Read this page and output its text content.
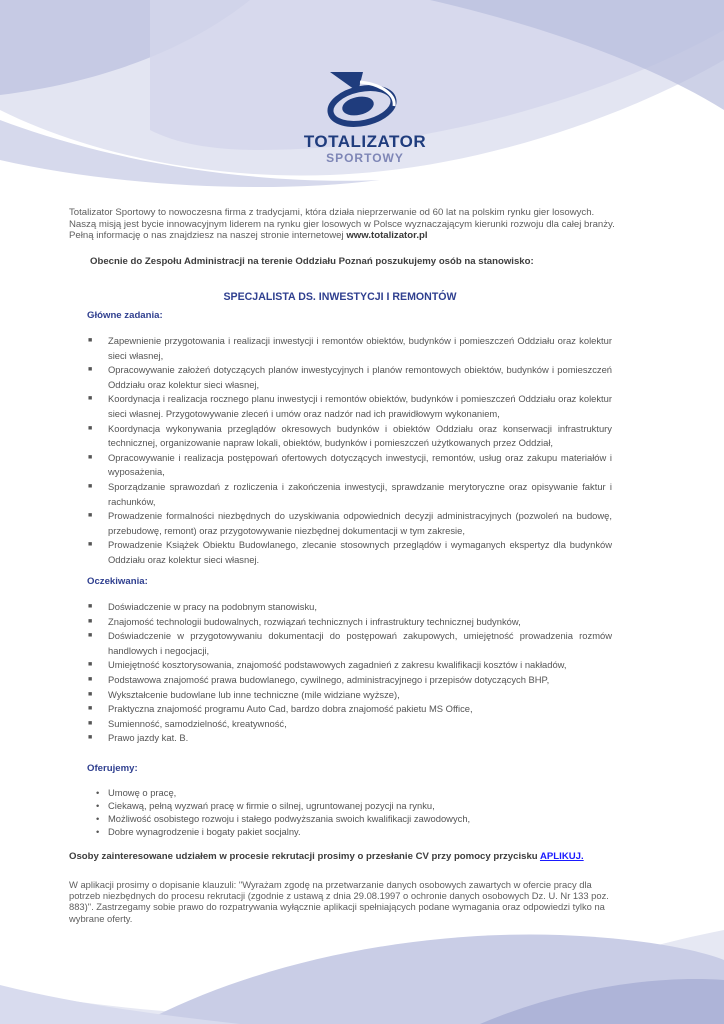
TOTALIZATOR
SPORTOWY
Totalizator Sportowy to nowoczesna firma z tradycjami, która działa nieprzerwanie od 60 lat na polskim rynku gier losowych.
Naszą misją jest bycie innowacyjnym liderem na rynku gier losowych w Polsce wyznaczającym kierunki rozwoju dla całej branży.
Pełną informację o nas znajdziesz na naszej stronie internetowej www.totalizator.pl
Obecnie do Zespołu Administracji na terenie Oddziału Poznań poszukujemy osób na stanowisko:
SPECJALISTA DS. INWESTYCJI I REMONTÓW
Główne zadania:
■ Zapewnienie przygotowania i realizacji inwestycji i remontów obiektów, budynków i pomieszczeń Oddziału oraz kolektur sieci własnej,
■ Opracowywanie założeń dotyczących planów inwestycyjnych i planów remontowych obiektów, budynków i pomieszczeń Oddziału oraz kolektur sieci własnej,
■ Koordynacja i realizacja rocznego planu inwestycji i remontów obiektów, budynków i pomieszczeń Oddziału oraz kolektur sieci własnej. Przygotowywanie zleceń i umów oraz nadzór nad ich prawidłowym wykonaniem,
■ Koordynacja wykonywania przeglądów okresowych budynków i obiektów Oddziału oraz konserwacji infrastruktury technicznej, organizowanie napraw lokali, obiektów, budynków i pomieszczeń użytkowanych przez Oddział,
■ Opracowywanie i realizacja postępowań ofertowych dotyczących inwestycji, remontów, usług oraz zakupu materiałów i wyposażenia,
■ Sporządzanie sprawozdań z rozliczenia i zakończenia inwestycji, sprawdzanie merytoryczne oraz opisywanie faktur i rachunków,
■ Prowadzenie formalności niezbędnych do uzyskiwania odpowiednich decyzji administracyjnych (pozwoleń na budowę, przebudowę, remont) oraz przygotowywanie niezbędnej dokumentacji w tym zakresie,
■ Prowadzenie Książek Obiektu Budowlanego, zlecanie stosownych przeglądów i wymaganych ekspertyz dla budynków Oddziału oraz kolektur sieci własnej.
Oczekiwania:
■ Doświadczenie w pracy na podobnym stanowisku,
■ Znajomość technologii budowalnych, rozwiązań technicznych i infrastruktury technicznej budynków,
■ Doświadczenie w przygotowywaniu dokumentacji do postępowań zakupowych, umiejętność prowadzenia rozmów handlowych i negocjacji,
■ Umiejętność kosztorysowania, znajomość podstawowych zagadnień z zakresu kwalifikacji kosztów i nakładów,
■ Podstawowa znajomość prawa budowlanego, cywilnego, administracyjnego i przepisów dotyczących BHP,
■ Wykształcenie budowlane lub inne techniczne (mile widziane wyższe),
■ Praktyczna znajomość programu Auto Cad, bardzo dobra znajomość pakietu MS Office,
■ Sumienność, samodzielność, kreatywność,
■ Prawo jazdy kat. B.
Oferujemy:
• Umowę o pracę,
• Ciekawą, pełną wyzwań pracę w firmie o silnej, ugruntowanej pozycji na rynku,
• Możliwość osobistego rozwoju i stałego podwyższania swoich kwalifikacji zawodowych,
• Dobre wynagrodzenie i bogaty pakiet socjalny.
Osoby zainteresowane udziałem w procesie rekrutacji prosimy o przesłanie CV przy pomocy przycisku APLIKUJ.
W aplikacji prosimy o dopisanie klauzuli: "Wyrażam zgodę na przetwarzanie danych osobowych zawartych w ofercie pracy dla potrzeb niezbędnych do procesu rekrutacji (zgodnie z ustawą z dnia 29.08.1997 o ochronie danych osobowych Dz. U. Nr 133 poz. 883)". Zastrzegamy sobie prawo do rozpatrywania wyłącznie aplikacji spełniających podane wymagania oraz odpowiedzi tylko na wybrane oferty.
